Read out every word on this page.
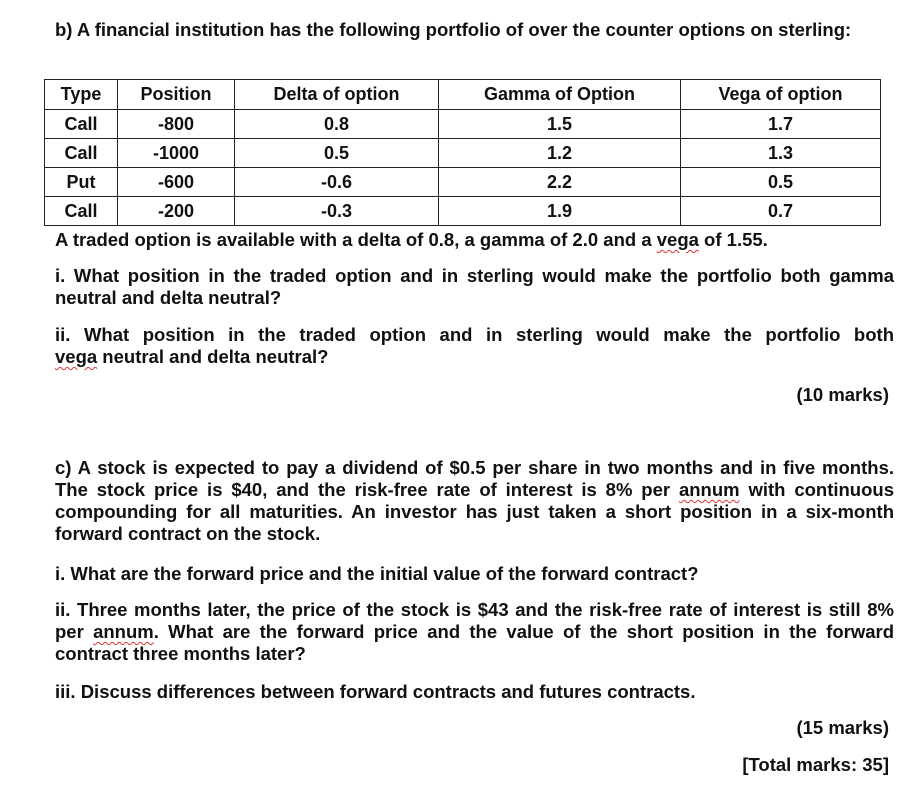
b) A financial institution has the following portfolio of over the counter options on sterling:

Type	Position	Delta of option	Gamma of Option	Vega of option
Call	-800	0.8	1.5	1.7
Call	-1000	0.5	1.2	1.3
Put	-600	-0.6	2.2	0.5
Call	-200	-0.3	1.9	0.7

A traded option is available with a delta of 0.8, a gamma of 2.0 and a vega of 1.55.

i. What position in the traded option and in sterling would make the portfolio both gamma neutral and delta neutral?

ii. What position in the traded option and in sterling would make the portfolio both

vega neutral and delta neutral?

(10 marks)

c) A stock is expected to pay a dividend of $0.5 per share in two months and in five months. The stock price is $40, and the risk-free rate of interest is 8% per annum with continuous compounding for all maturities. An investor has just taken a short position in a six-month forward contract on the stock.

i. What are the forward price and the initial value of the forward contract?

ii. Three months later, the price of the stock is $43 and the risk-free rate of interest is still 8% per annum. What are the forward price and the value of the short position in the forward contract three months later?

iii. Discuss differences between forward contracts and futures contracts.

(15 marks)
[Total marks: 35]
